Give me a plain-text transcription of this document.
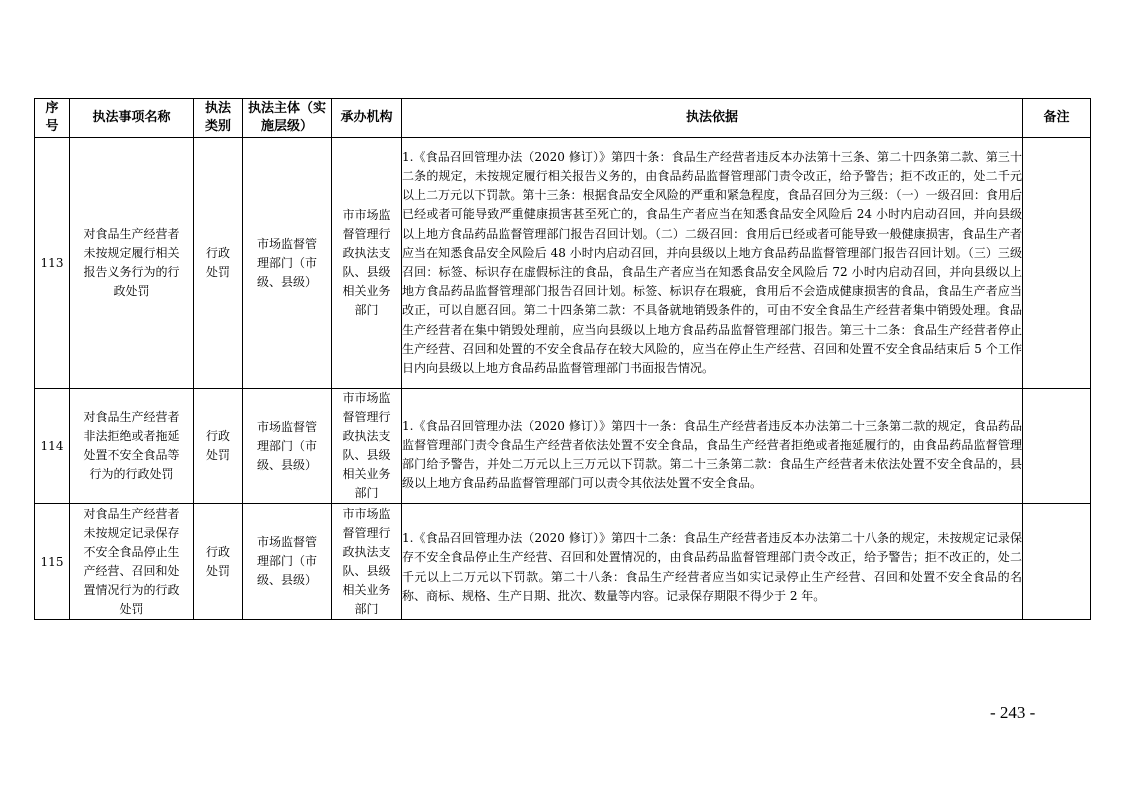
序号	执法事项名称	执法类别	执法主体（实施层级）	承办机构	执法依据	备注
113	对食品生产经营者未按规定履行相关报告义务行为的行政处罚	行政处罚	市场监督管理部门（市级、县级）	市市场监督管理行政执法支队、县级相关业务部门	1.《食品召回管理办法（2020 修订）》第四十条：食品生产经营者违反本办法第十三条、第二十四条第二款、第三十二条的规定，未按规定履行相关报告义务的，由食品药品监督管理部门责令改正，给予警告；拒不改正的，处二千元以上二万元以下罚款。第十三条：根据食品安全风险的严重和紧急程度，食品召回分为三级：（一）一级召回：食用后已经或者可能导致严重健康损害甚至死亡的，食品生产者应当在知悉食品安全风险后 24 小时内启动召回，并向县级以上地方食品药品监督管理部门报告召回计划。（二）二级召回：食用后已经或者可能导致一般健康损害，食品生产者应当在知悉食品安全风险后 48 小时内启动召回，并向县级以上地方食品药品监督管理部门报告召回计划。（三）三级召回：标签、标识存在虚假标注的食品，食品生产者应当在知悉食品安全风险后 72 小时内启动召回，并向县级以上地方食品药品监督管理部门报告召回计划。标签、标识存在瑕疵，食用后不会造成健康损害的食品，食品生产者应当改正，可以自愿召回。第二十四条第二款：不具备就地销毁条件的，可由不安全食品生产经营者集中销毁处理。食品生产经营者在集中销毁处理前，应当向县级以上地方食品药品监督管理部门报告。第三十二条：食品生产经营者停止生产经营、召回和处置的不安全食品存在较大风险的，应当在停止生产经营、召回和处置不安全食品结束后 5 个工作日内向县级以上地方食品药品监督管理部门书面报告情况。	
114	对食品生产经营者非法拒绝或者拖延处置不安全食品等行为的行政处罚	行政处罚	市场监督管理部门（市级、县级）	市市场监督管理行政执法支队、县级相关业务部门	1.《食品召回管理办法（2020 修订）》第四十一条：食品生产经营者违反本办法第二十三条第二款的规定，食品药品监督管理部门责令食品生产经营者依法处置不安全食品，食品生产经营者拒绝或者拖延履行的，由食品药品监督管理部门给予警告，并处二万元以上三万元以下罚款。第二十三条第二款：食品生产经营者未依法处置不安全食品的，县级以上地方食品药品监督管理部门可以责令其依法处置不安全食品。	
115	对食品生产经营者未按规定记录保存不安全食品停止生产经营、召回和处置情况行为的行政处罚	行政处罚	市场监督管理部门（市级、县级）	市市场监督管理行政执法支队、县级相关业务部门	1.《食品召回管理办法（2020 修订）》第四十二条：食品生产经营者违反本办法第二十八条的规定，未按规定记录保存不安全食品停止生产经营、召回和处置情况的，由食品药品监督管理部门责令改正，给予警告；拒不改正的，处二千元以上二万元以下罚款。第二十八条：食品生产经营者应当如实记录停止生产经营、召回和处置不安全食品的名称、商标、规格、生产日期、批次、数量等内容。记录保存期限不得少于 2 年。	
- 243 -
